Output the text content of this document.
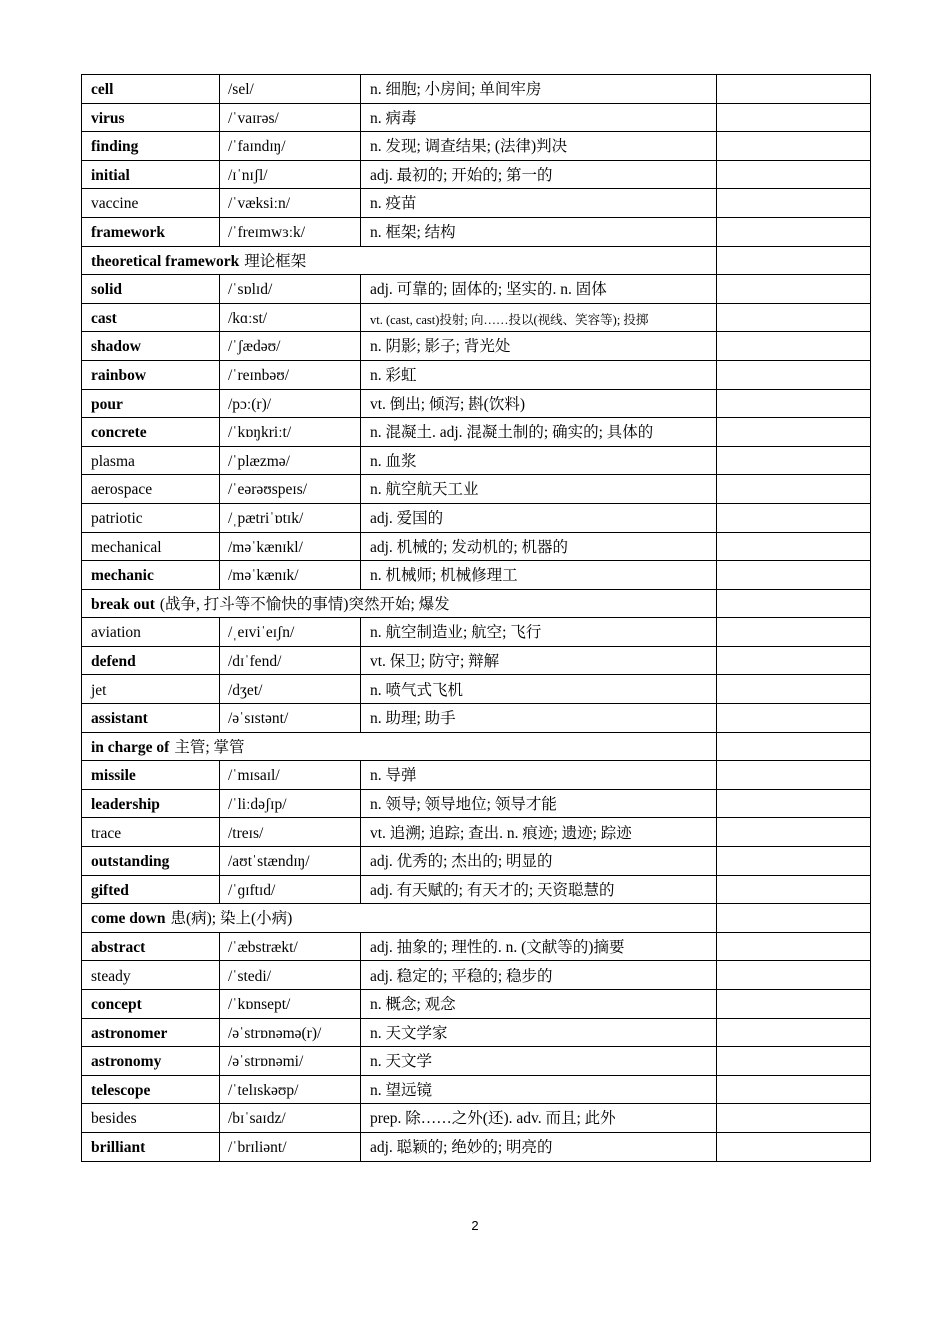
cell	/sel/	n. 细胞; 小房间; 单间牢房	
virus	/ˈvaɪrəs/	n. 病毒	
finding	/ˈfaɪndɪŋ/	n. 发现; 调查结果; (法律)判决	
initial	/ɪˈnɪʃl/	adj. 最初的; 开始的; 第一的	
vaccine	/ˈvæksiːn/	n. 疫苗	
framework	/ˈfreɪmwɜːk/	n. 框架; 结构	
theoretical framework 理论框架			
solid	/ˈsɒlɪd/	adj. 可靠的; 固体的; 坚实的. n. 固体	
cast	/kɑːst/	vt. (cast, cast)投射; 向……投以(视线、笑容等); 投掷	
shadow	/ˈʃædəʊ/	n. 阴影; 影子; 背光处	
rainbow	/ˈreɪnbəʊ/	n. 彩虹	
pour	/pɔː(r)/	vt. 倒出; 倾泻; 斟(饮料)	
concrete	/ˈkɒŋkriːt/	n. 混凝土. adj. 混凝土制的; 确实的; 具体的	
plasma	/ˈplæzmə/	n. 血浆	
aerospace	/ˈeərəʊspeɪs/	n. 航空航天工业	
patriotic	/ˌpætriˈɒtɪk/	adj. 爱国的	
mechanical	/məˈkænɪkl/	adj. 机械的; 发动机的; 机器的	
mechanic	/məˈkænɪk/	n. 机械师; 机械修理工	
break out (战争, 打斗等不愉快的事情)突然开始; 爆发			
aviation	/ˌeɪviˈeɪʃn/	n. 航空制造业; 航空; 飞行	
defend	/dɪˈfend/	vt. 保卫; 防守; 辩解	
jet	/dʒet/	n. 喷气式飞机	
assistant	/əˈsɪstənt/	n. 助理; 助手	
in charge of 主管; 掌管			
missile	/ˈmɪsaɪl/	n. 导弹	
leadership	/ˈliːdəʃɪp/	n. 领导; 领导地位; 领导才能	
trace	/treɪs/	vt. 追溯; 追踪; 查出. n. 痕迹; 遗迹; 踪迹	
outstanding	/aʊtˈstændɪŋ/	adj. 优秀的; 杰出的; 明显的	
gifted	/ˈɡɪftɪd/	adj. 有天赋的; 有天才的; 天资聪慧的	
come down 患(病); 染上(小病)			
abstract	/ˈæbstrækt/	adj. 抽象的; 理性的. n. (文献等的)摘要	
steady	/ˈstedi/	adj. 稳定的; 平稳的; 稳步的	
concept	/ˈkɒnsept/	n. 概念; 观念	
astronomer	/əˈstrɒnəmə(r)/	n. 天文学家	
astronomy	/əˈstrɒnəmi/	n. 天文学	
telescope	/ˈtelɪskəʊp/	n. 望远镜	
besides	/bɪˈsaɪdz/	prep. 除……之外(还). adv. 而且; 此外	
brilliant	/ˈbrɪliənt/	adj. 聪颖的; 绝妙的; 明亮的	
2
